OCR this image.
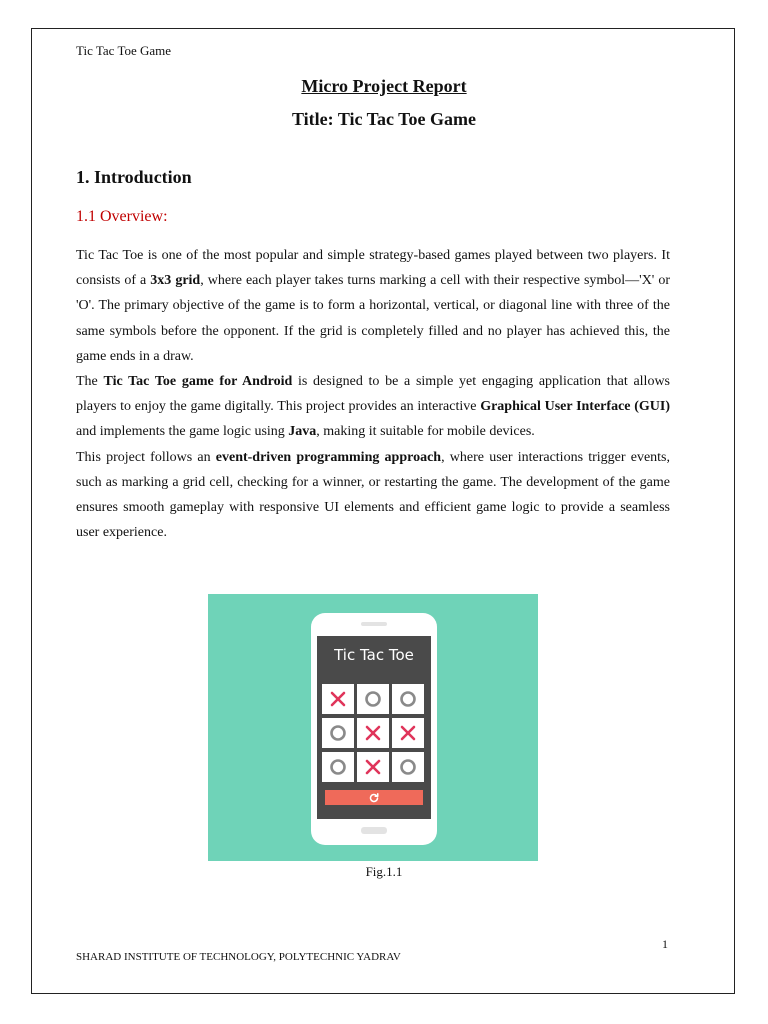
Tic Tac Toe Game
Micro Project Report
Title: Tic Tac Toe Game
1. Introduction
1.1 Overview:

Tic Tac Toe is one of the most popular and simple strategy-based games played between two players. It consists of a 3x3 grid, where each player takes turns marking a cell with their respective symbol—'X' or 'O'. The primary objective of the game is to form a horizontal, vertical, or diagonal line with three of the same symbols before the opponent. If the grid is completely filled and no player has achieved this, the game ends in a draw.

The Tic Tac Toe game for Android is designed to be a simple yet engaging application that allows players to enjoy the game digitally. This project provides an interactive Graphical User Interface (GUI) and implements the game logic using Java, making it suitable for mobile devices.

This project follows an event-driven programming approach, where user interactions trigger events, such as marking a grid cell, checking for a winner, or restarting the game. The development of the game ensures smooth gameplay with responsive UI elements and efficient game logic to provide a seamless user experience.

Tic Tac Toe
Fig.1.1
1
SHARAD INSTITUTE OF TECHNOLOGY, POLYTECHNIC YADRAV
